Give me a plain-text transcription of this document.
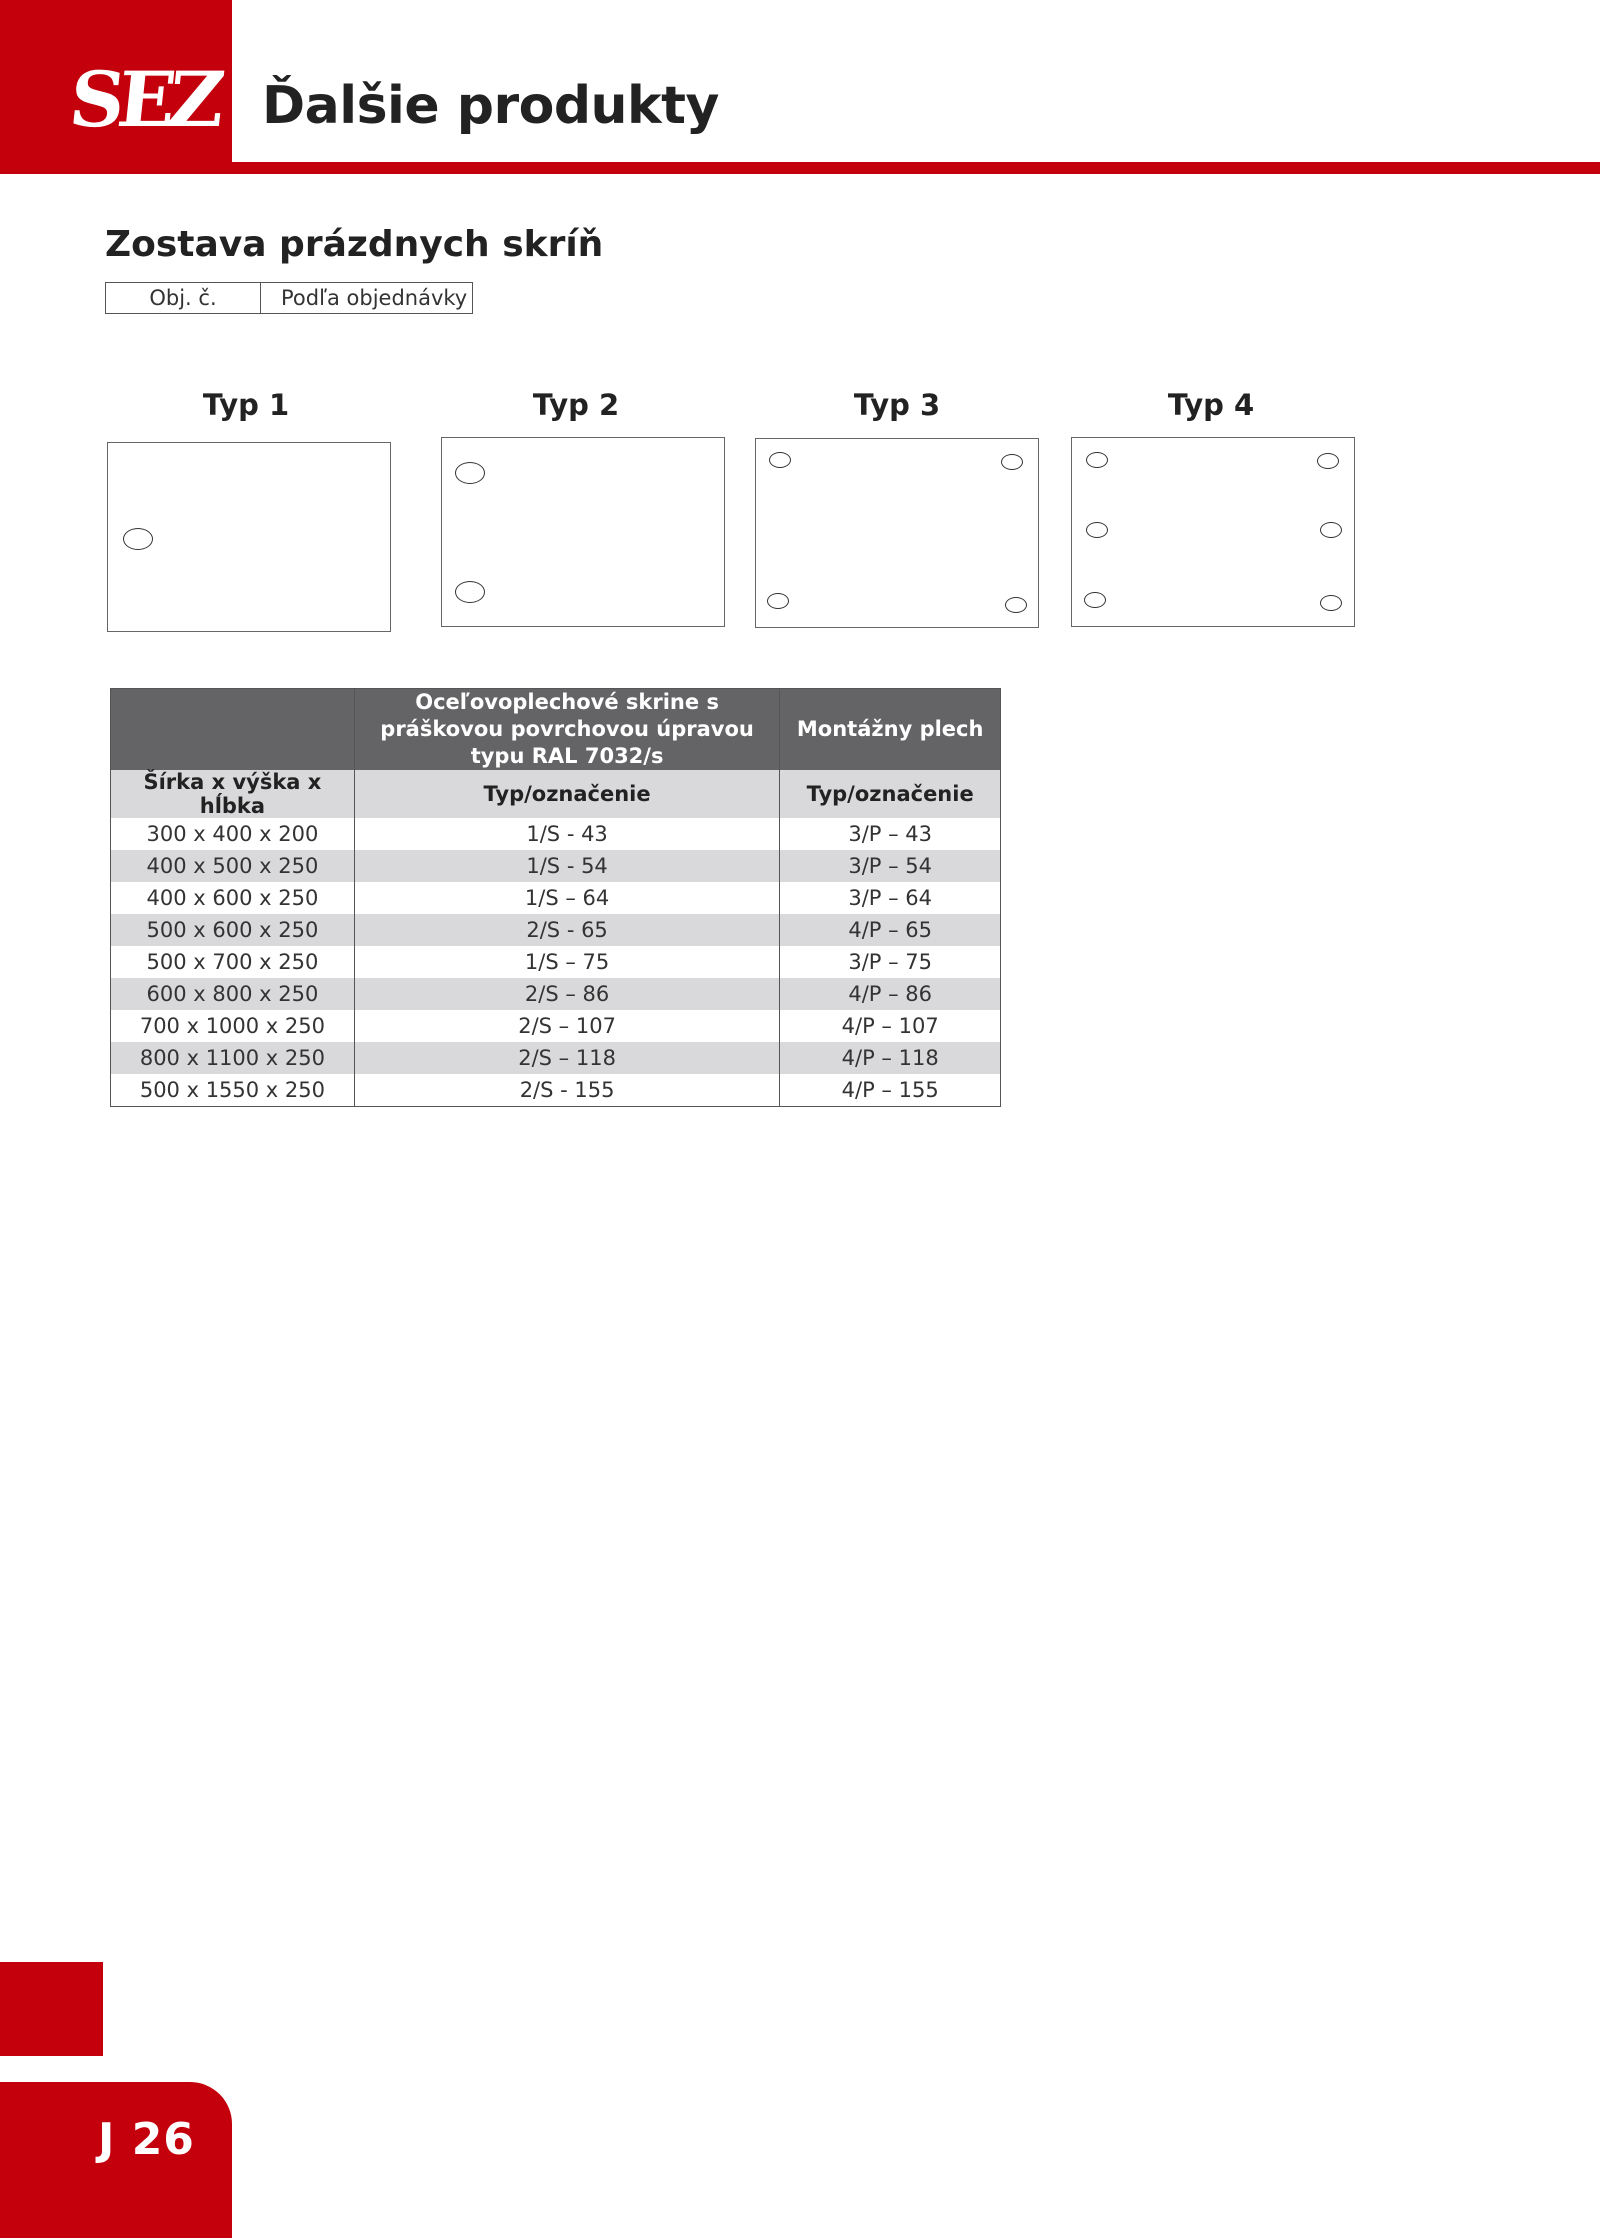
SEZ Ďalšie produkty
Zostava prázdnych skríň
Obj. č.	Podľa objednávky
Typ 1	Typ 2	Typ 3	Typ 4
	Oceľovoplechové skrine s práškovou povrchovou úpravou typu RAL 7032/s	Montážny plech
Šírka x výška x hĺbka	Typ/označenie	Typ/označenie
300 x 400 x 200	1/S - 43	3/P – 43
400 x 500 x 250	1/S - 54	3/P – 54
400 x 600 x 250	1/S – 64	3/P – 64
500 x 600 x 250	2/S - 65	4/P – 65
500 x 700 x 250	1/S – 75	3/P – 75
600 x 800 x 250	2/S – 86	4/P – 86
700 x 1000 x 250	2/S – 107	4/P – 107
800 x 1100 x 250	2/S – 118	4/P – 118
500 x 1550 x 250	2/S - 155	4/P – 155
J 26
